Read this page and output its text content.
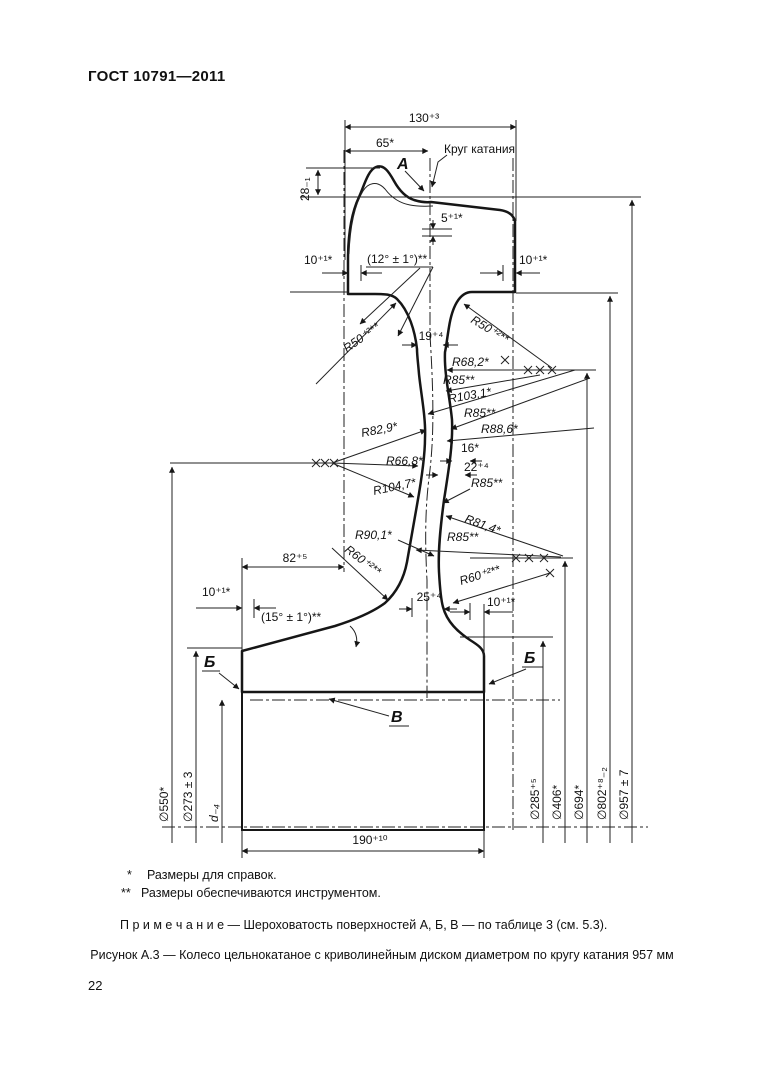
ГОСТ 10791—2011
130⁺³
65*	Круг катания
А
28₋₁
5⁺¹*
(12° ± 1°)**
10⁺¹*	10⁺¹*
R50⁺²**	R50⁺²**
19⁺⁴
R68,2*
R85**
R103,1*
R85**
R88,6*
16*
22⁺⁴
R82,9*
R66,8*
R104,7*	R85**
R81,4*
R85**
R90,1*
R60⁺²**	R60⁺²**
25⁺⁴	10⁺¹*
10⁺¹*
(15° ± 1°)**
82⁺⁵
Б	Б
В
190⁺¹⁰
∅550* ∅273 ± 3 d₋₄	∅285⁺⁵ ∅406* ∅694* ∅802⁺⁸₋₂ ∅957 ± 7
* Размеры для справок.
** Размеры обеспечиваются инструментом.
П р и м е ч а н и е — Шероховатость поверхностей А, Б, В — по таблице 3 (см. 5.3).
Рисунок А.3 — Колесо цельнокатаное с криволинейным диском диаметром по кругу катания 957 мм
22
